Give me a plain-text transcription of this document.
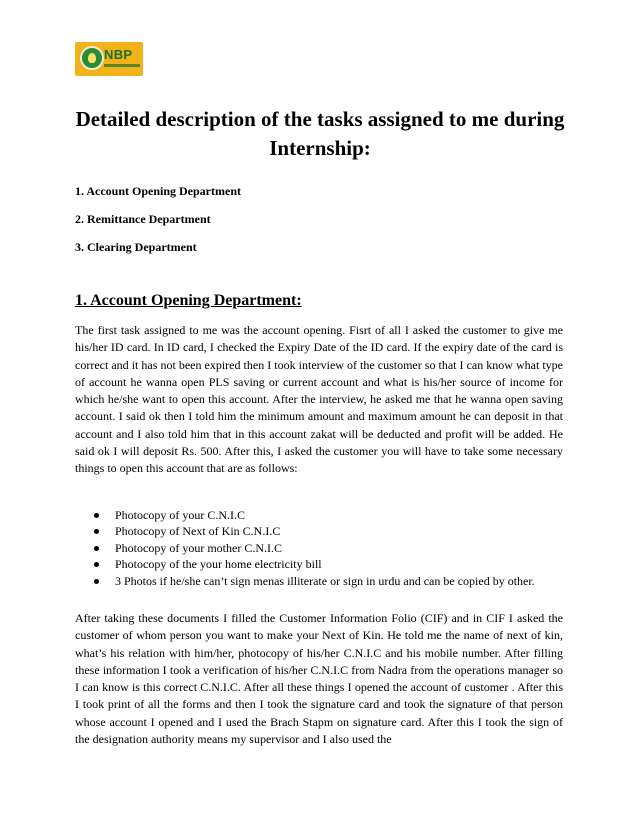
NBP
Detailed description of the tasks assigned to me during Internship:
1. Account Opening Department
2. Remittance Department
3. Clearing Department
1. Account Opening Department:
The first task assigned to me was the account opening. Fisrt of all I asked the customer to give me his/her ID card. In ID card, I checked the Expiry Date of the ID card. If the expiry date of the card is correct and it has not been expired then I took interview of the customer so that I can know what type of account he wanna open PLS saving or current account and what is his/her source of income for which he/she want to open this account. After the interview, he asked me that he wanna open saving account. I said ok then I told him the minimum amount and maximum amount he can deposit in that account and I also told him that in this account zakat will be deducted and profit will be added. He said ok I will deposit Rs. 500. After this, I asked the customer you will have to take some necessary things to open this account that are as follows:
Photocopy of your C.N.I.C
Photocopy of Next of Kin C.N.I.C
Photocopy of your mother C.N.I.C
Photocopy of the your home electricity bill
3 Photos if he/she can’t sign menas illiterate or sign in urdu and can be copied by other.
After taking these documents I filled the Customer Information Folio (CIF) and in CIF I asked the customer of whom person you want to make your Next of Kin. He told me the name of next of kin, what’s his relation with him/her, photocopy of his/her C.N.I.C and his mobile number. After filling these information I took a verification of his/her C.N.I.C from Nadra from the operations manager so I can know is this correct C.N.I.C. After all these things I opened the account of customer . After this I took print of all the forms and then I took the signature card and took the signature of that person whose account I opened and I used the Brach Stapm on signature card. After this I took the sign of the designation authority means my supervisor and I also used the
